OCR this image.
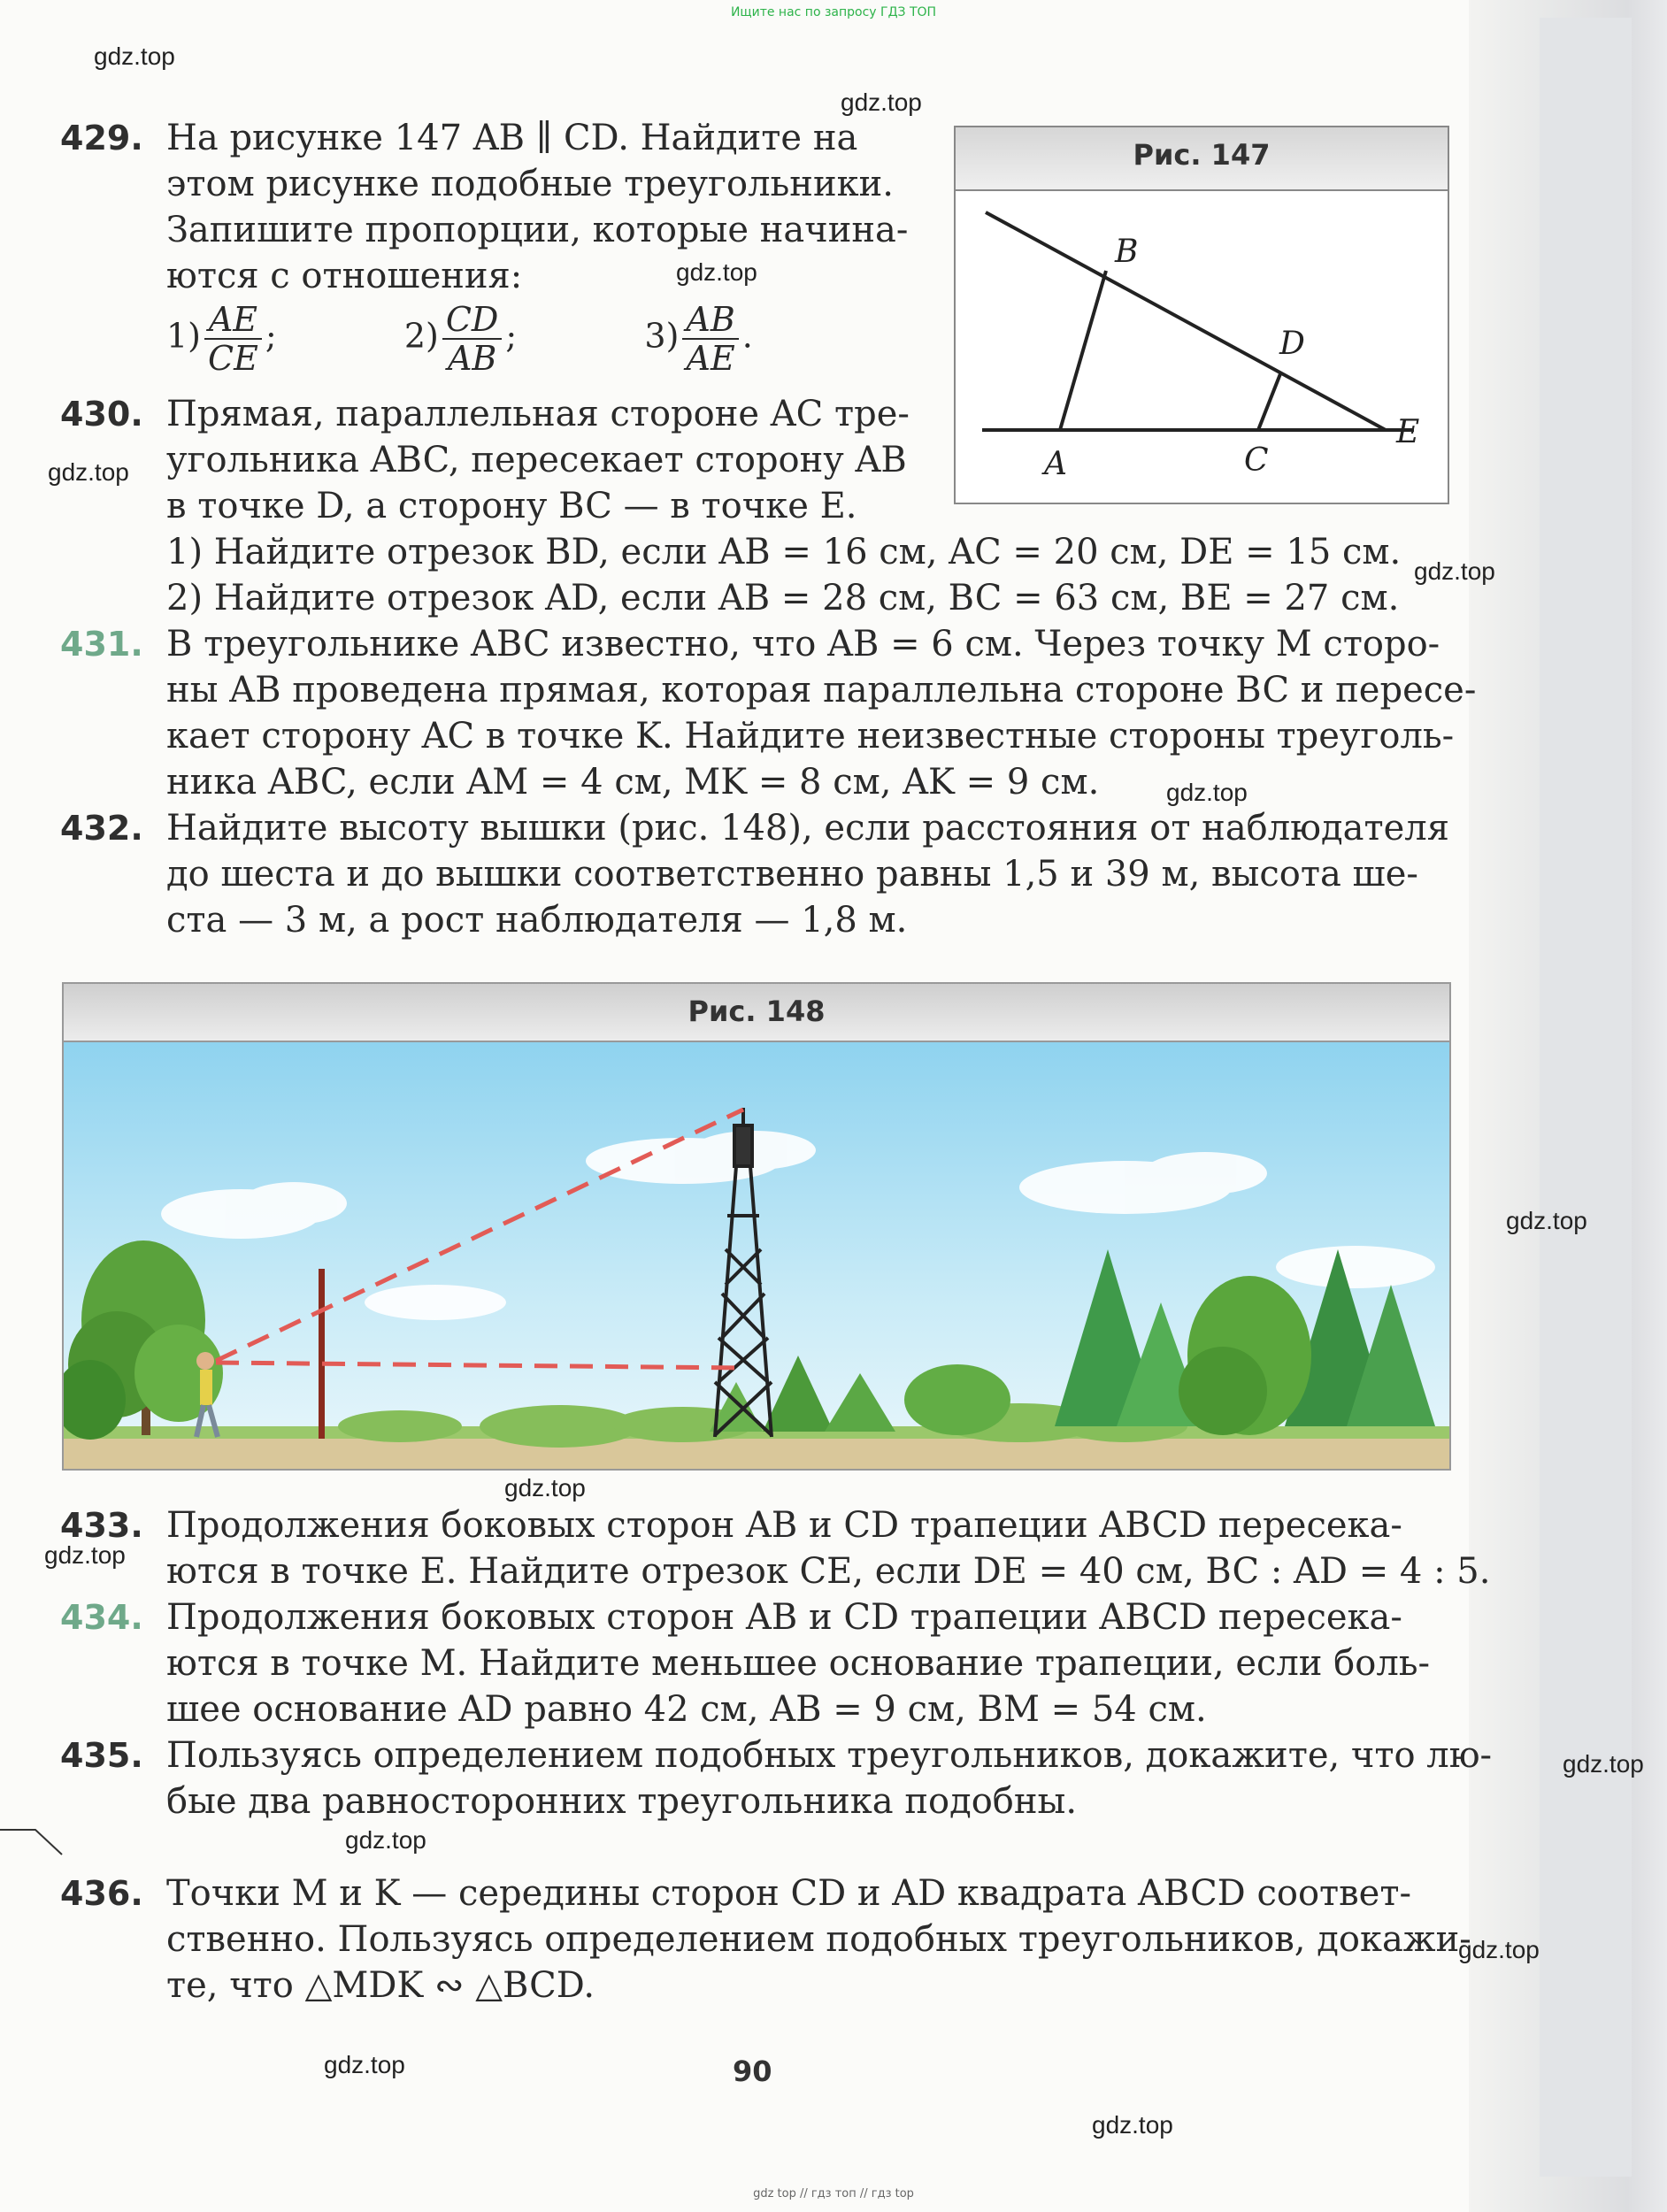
Ищите нас по запросу ГДЗ ТОП
gdz.top
gdz.top
gdz.top
gdz.top
gdz.top
gdz.top
gdz.top
gdz.top
gdz.top
gdz.top
gdz.top
gdz.top
gdz.top
gdz.top
429. На рисунке 147 AB ∥ CD. Найдите на
этом рисунке подобные треугольники.
Запишите пропорции, которые начина-
ются с отношения:
$1) \frac{AE}{CE}$ ;	$2) \frac{CD}{AB}$ ;	$3) \frac{AB}{AE}$ .
Рис. 147
B
D
E
A	C
430. Прямая, параллельная стороне AC тре-
угольника ABC, пересекает сторону AB
в точке D, а сторону BC — в точке E.
1) Найдите отрезок BD, если AB = 16 см, AC = 20 см, DE = 15 см.
2) Найдите отрезок AD, если AB = 28 см, BC = 63 см, BE = 27 см.
431. В треугольнике ABC известно, что AB = 6 см. Через точку M сторо-
ны AB проведена прямая, которая параллельна стороне BC и пересе-
кает сторону AC в точке K. Найдите неизвестные стороны треуголь-
ника ABC, если AM = 4 см, MK = 8 см, AK = 9 см.
432. Найдите высоту вышки (рис. 148), если расстояния от наблюдателя
до шеста и до вышки соответственно равны 1,5 и 39 м, высота ше-
ста — 3 м, а рост наблюдателя — 1,8 м.
Рис. 148
433. Продолжения боковых сторон AB и CD трапеции ABCD пересека-
ются в точке E. Найдите отрезок CE, если DE = 40 см, BC : AD = 4 : 5.
434. Продолжения боковых сторон AB и CD трапеции ABCD пересека-
ются в точке M. Найдите меньшее основание трапеции, если боль-
шее основание AD равно 42 см, AB = 9 см, BM = 54 см.
435. Пользуясь определением подобных треугольников, докажите, что лю-
бые два равносторонних треугольника подобны.
436. Точки M и K — середины сторон CD и AD квадрата ABCD соответ-
ственно. Пользуясь определением подобных треугольников, докажи-
те, что △MDK ∾ △BCD.
90
gdz top // гдз топ // гдз top
